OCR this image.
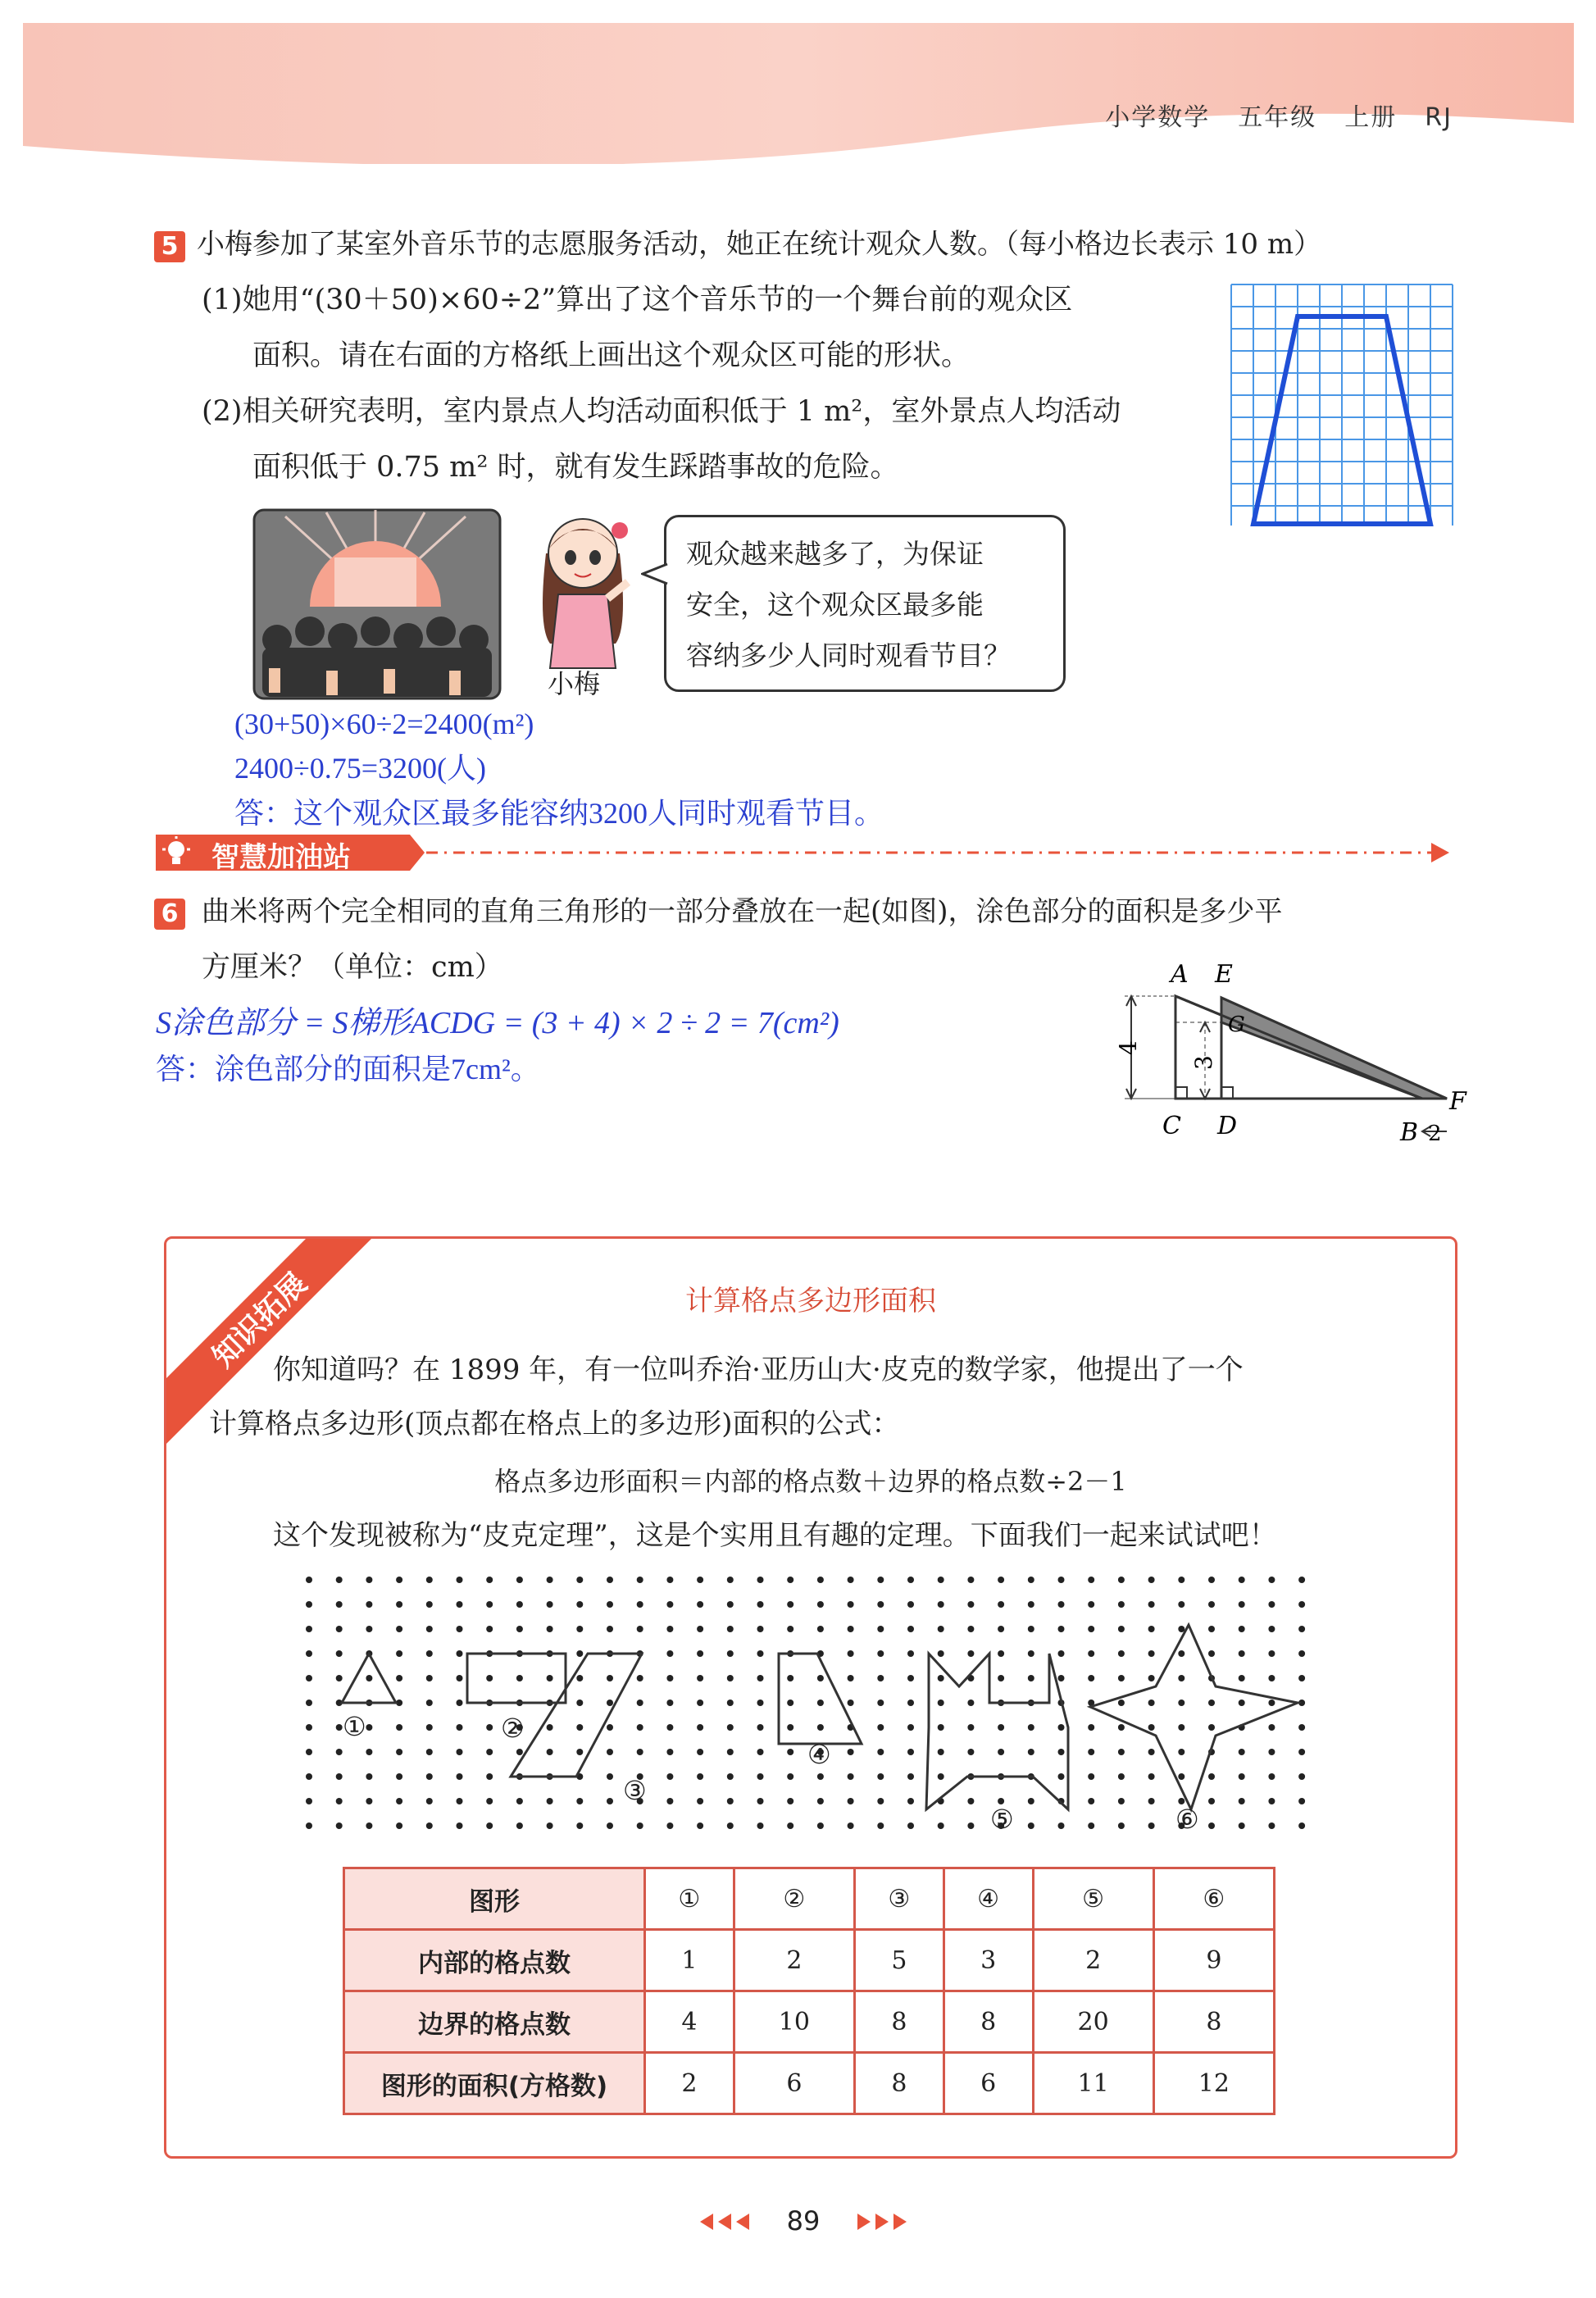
小学数学 五年级 上册 RJ
5 小梅参加了某室外音乐节的志愿服务活动，她正在统计观众人数。（每小格边长表示 10 m）
(1)她用“(30＋50)×60÷2”算出了这个音乐节的一个舞台前的观众区
面积。请在右面的方格纸上画出这个观众区可能的形状。
(2)相关研究表明，室内景点人均活动面积低于 1 m²，室外景点人均活动
面积低于 0.75 m² 时，就有发生踩踏事故的危险。
小梅
观众越来越多了，为保证
安全，这个观众区最多能
容纳多少人同时观看节目？
(30+50)×60÷2=2400(m²)
2400÷0.75=3200(人)
答：这个观众区最多能容纳3200人同时观看节目。
智慧加油站
6 曲米将两个完全相同的直角三角形的一部分叠放在一起(如图)，涂色部分的面积是多少平
方厘米？（单位：cm）
S涂色部分 = S梯形ACDG = (3 + 4) × 2 ÷ 2 = 7(cm²)
答：涂色部分的面积是7cm²。
4
3
A E
G
C D	B 2
F
知识拓展	计算格点多边形面积
你知道吗？在 1899 年，有一位叫乔治·亚历山大·皮克的数学家，他提出了一个
计算格点多边形(顶点都在格点上的多边形)面积的公式：
格点多边形面积＝内部的格点数＋边界的格点数÷2－1
这个发现被称为“皮克定理”，这是个实用且有趣的定理。下面我们一起来试试吧！
①	②
③
④
⑤	⑥
图形	①	②	③	④	⑤	⑥
内部的格点数	1	2	5	3	2	9
边界的格点数	4	10	8	8	20	8
图形的面积(方格数)	2	6	8	6	11	12
89
